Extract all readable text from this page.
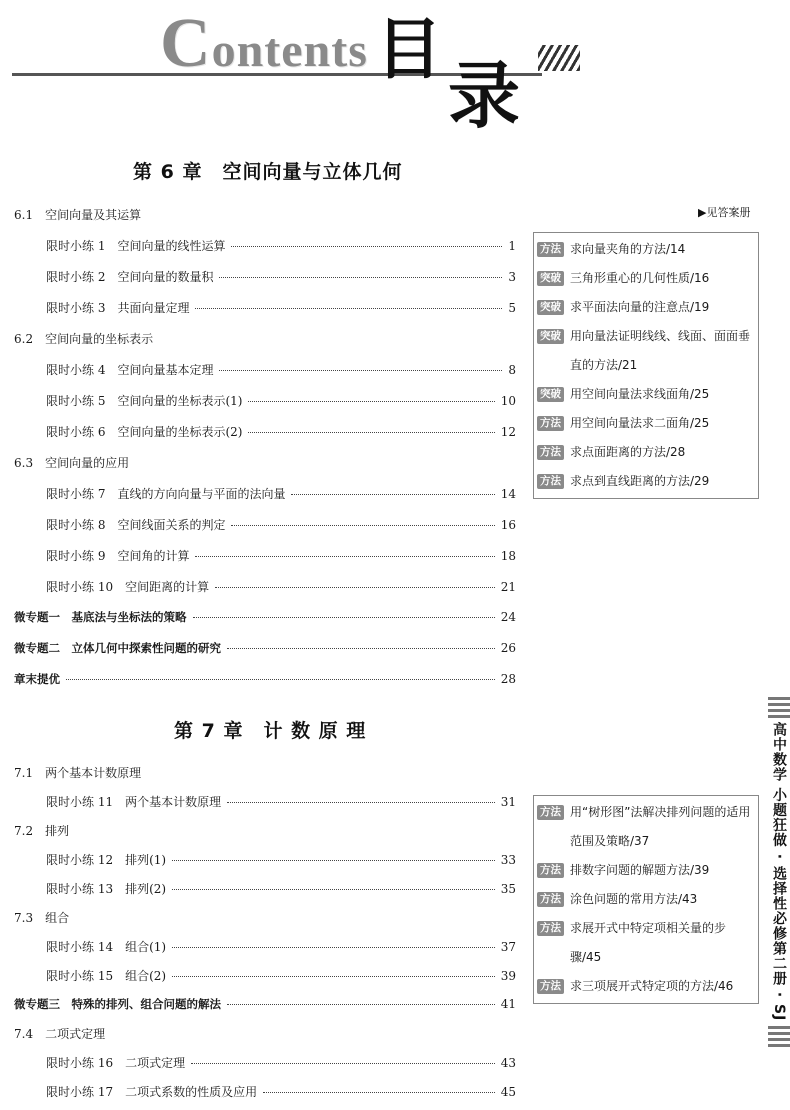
Contents 目
录
第 6 章　空间向量与立体几何
▶见答案册
6.1　空间向量及其运算
限时小练 1　空间向量的线性运算	1
限时小练 2　空间向量的数量积	3
限时小练 3　共面向量定理	5
6.2　空间向量的坐标表示
限时小练 4　空间向量基本定理	8
限时小练 5　空间向量的坐标表示(1)	10
限时小练 6　空间向量的坐标表示(2)	12
6.3　空间向量的应用
限时小练 7　直线的方向向量与平面的法向量	14
限时小练 8　空间线面关系的判定	16
限时小练 9　空间角的计算	18
限时小练 10　空间距离的计算	21
微专题一　基底法与坐标法的策略	24
微专题二　立体几何中探索性问题的研究	26
章末提优	28
方法 求向量夹角的方法/14
突破 三角形重心的几何性质/16
突破 求平面法向量的注意点/19
突破 用向量法证明线线、线面、面面垂直的方法/21
突破 用空间向量法求线面角/25
方法 用空间向量法求二面角/25
方法 求点面距离的方法/28
方法 求点到直线距离的方法/29
第 7 章　计 数 原 理
7.1　两个基本计数原理
限时小练 11　两个基本计数原理	31
7.2　排列
限时小练 12　排列(1)	33
限时小练 13　排列(2)	35
7.3　组合
限时小练 14　组合(1)	37
限时小练 15　组合(2)	39
微专题三　特殊的排列、组合问题的解法	41
7.4　二项式定理
限时小练 16　二项式定理	43
限时小练 17　二项式系数的性质及应用	45
方法 用“树形图”法解决排列问题的适用范围及策略/37
方法 排数字问题的解题方法/39
方法 涂色问题的常用方法/43
方法 求展开式中特定项相关量的步骤/45
方法 求三项展开式特定项的方法/46	高中数学 小题狂做 · 选择性必修第二册 · SJ
